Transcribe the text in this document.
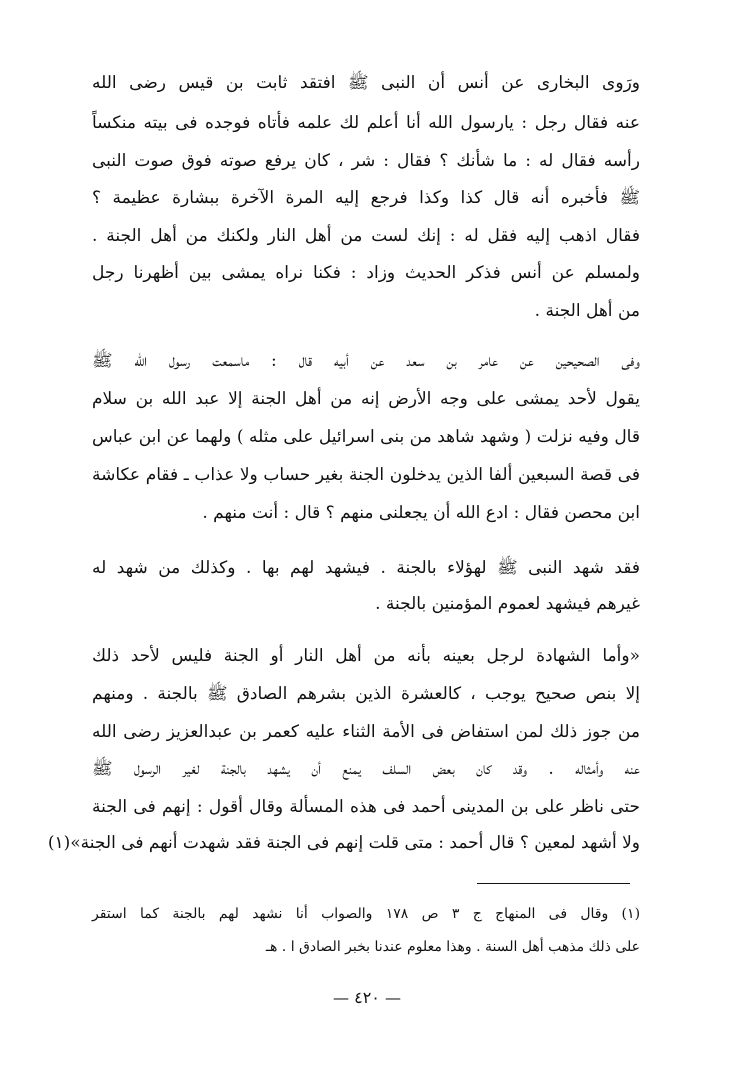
ورَوى البخارى عن أنس أن النبى ﷺ افتقد ثابت بن قيس رضى الله
عنه فقال رجل : يارسول الله أنا أعلم لك علمه فأتاه فوجده فى بيته منكساً
رأسه فقال له : ما شأنك ؟ فقال : شر ، كان يرفع صوته فوق صوت النبى
ﷺ فأخبره أنه قال كذا وكذا فرجع إليه المرة الآخرة ببشارة عظيمة ؟
فقال اذهب إليه فقل له : إنك لست من أهل النار ولكنك من أهل الجنة .
ولمسلم عن أنس فذكر الحديث وزاد : فكنا نراه يمشى بين أظهرنا رجل
من أهل الجنة .
وفى الصحيحين عن عامر بن سعد عن أبيه قال : ماسمعت رسول الله ﷺ
يقول لأحد يمشى على وجه الأرض إنه من أهل الجنة إلا عبد الله بن سلام
قال وفيه نزلت ( وشهد شاهد من بنى اسرائيل على مثله ) ولهما عن ابن عباس
فى قصة السبعين ألفا الذين يدخلون الجنة بغير حساب ولا عذاب ـ فقام عكاشة
ابن محصن فقال : ادع الله أن يجعلنى منهم ؟ قال : أنت منهم .
فقد شهد النبى ﷺ لهؤلاء بالجنة . فيشهد لهم بها . وكذلك من شهد له
غيرهم فيشهد لعموم المؤمنين بالجنة .
«وأما الشهادة لرجل بعينه بأنه من أهل النار أو الجنة فليس لأحد ذلك
إلا بنص صحيح يوجب ، كالعشرة الذين بشرهم الصادق ﷺ بالجنة . ومنهم
من جوز ذلك لمن استفاض فى الأمة الثناء عليه كعمر بن عبدالعزيز رضى الله
عنه وأمثاله . وقد كان بعض السلف يمنع أن يشهد بالجنة لغير الرسول ﷺ
حتى ناظر على بن المدينى أحمد فى هذه المسألة وقال أقول : إنهم فى الجنة
ولا أشهد لمعين ؟ قال أحمد : متى قلت إنهم فى الجنة فقد شهدت أنهم فى الجنة»(١)
(١) وقال فى المنهاج ج ٣ ص ١٧٨ والصواب أنا نشهد لهم بالجنة كما استقر
على ذلك مذهب أهل السنة . وهذا معلوم عندنا بخبر الصادق ا . هـ
— ٤٢٠ —
